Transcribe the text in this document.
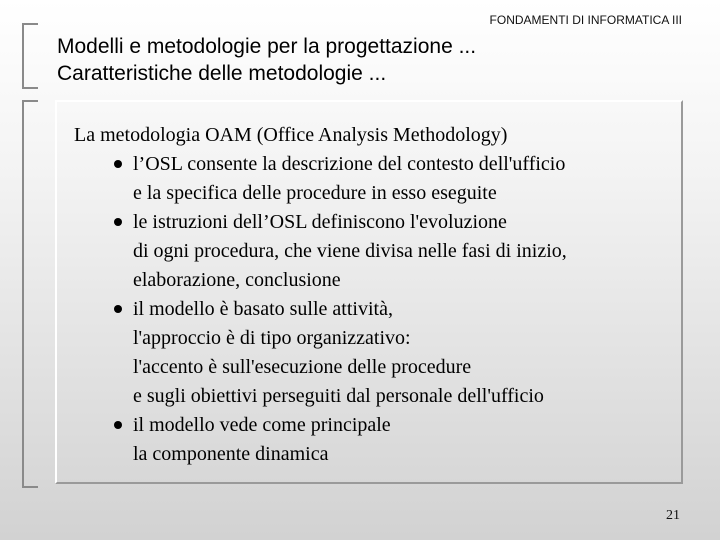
FONDAMENTI DI INFORMATICA III
Modelli e metodologie per la progettazione ...
Caratteristiche delle metodologie ...

La metodologia OAM (Office Analysis Methodology)

l’OSL consente la descrizione del contesto dell'ufficio
e la specifica delle procedure in esso eseguite
le istruzioni dell’OSL definiscono l'evoluzione
di ogni procedura, che viene divisa nelle fasi di inizio,
elaborazione, conclusione
il modello è basato sulle attività,
l'approccio è di tipo organizzativo:
l'accento è sull'esecuzione delle procedure
e sugli obiettivi perseguiti dal personale dell'ufficio
il modello vede come principale
la componente dinamica
21
